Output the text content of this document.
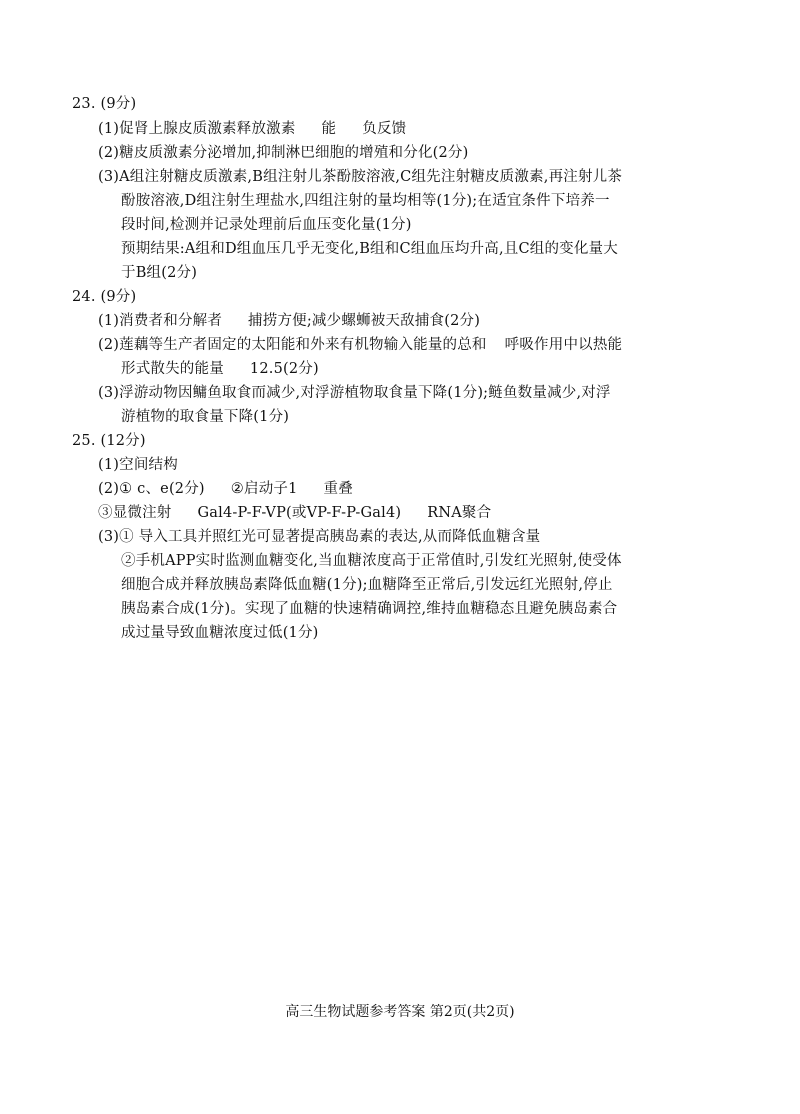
23. (9分)
(1)促肾上腺皮质激素释放激素 能 负反馈
(2)糖皮质激素分泌增加,抑制淋巴细胞的增殖和分化(2分)
(3)A组注射糖皮质激素,B组注射儿茶酚胺溶液,C组先注射糖皮质激素,再注射儿茶
酚胺溶液,D组注射生理盐水,四组注射的量均相等(1分);在适宜条件下培养一
段时间,检测并记录处理前后血压变化量(1分)
预期结果:A组和D组血压几乎无变化,B组和C组血压均升高,且C组的变化量大
于B组(2分)
24. (9分)
(1)消费者和分解者 捕捞方便;减少螺蛳被天敌捕食(2分)
(2)莲藕等生产者固定的太阳能和外来有机物输入能量的总和 呼吸作用中以热能
形式散失的能量 12.5(2分)
(3)浮游动物因鳙鱼取食而减少,对浮游植物取食量下降(1分);鲢鱼数量减少,对浮
游植物的取食量下降(1分)
25. (12分)
(1)空间结构
(2)① c、e(2分) ②启动子1 重叠
③显微注射 Gal4-P-F-VP(或VP-F-P-Gal4) RNA聚合
(3)① 导入工具并照红光可显著提高胰岛素的表达,从而降低血糖含量
②手机APP实时监测血糖变化,当血糖浓度高于正常值时,引发红光照射,使受体
细胞合成并释放胰岛素降低血糖(1分);血糖降至正常后,引发远红光照射,停止
胰岛素合成(1分)。实现了血糖的快速精确调控,维持血糖稳态且避免胰岛素合
成过量导致血糖浓度过低(1分)
高三生物试题参考答案 第2页(共2页)
